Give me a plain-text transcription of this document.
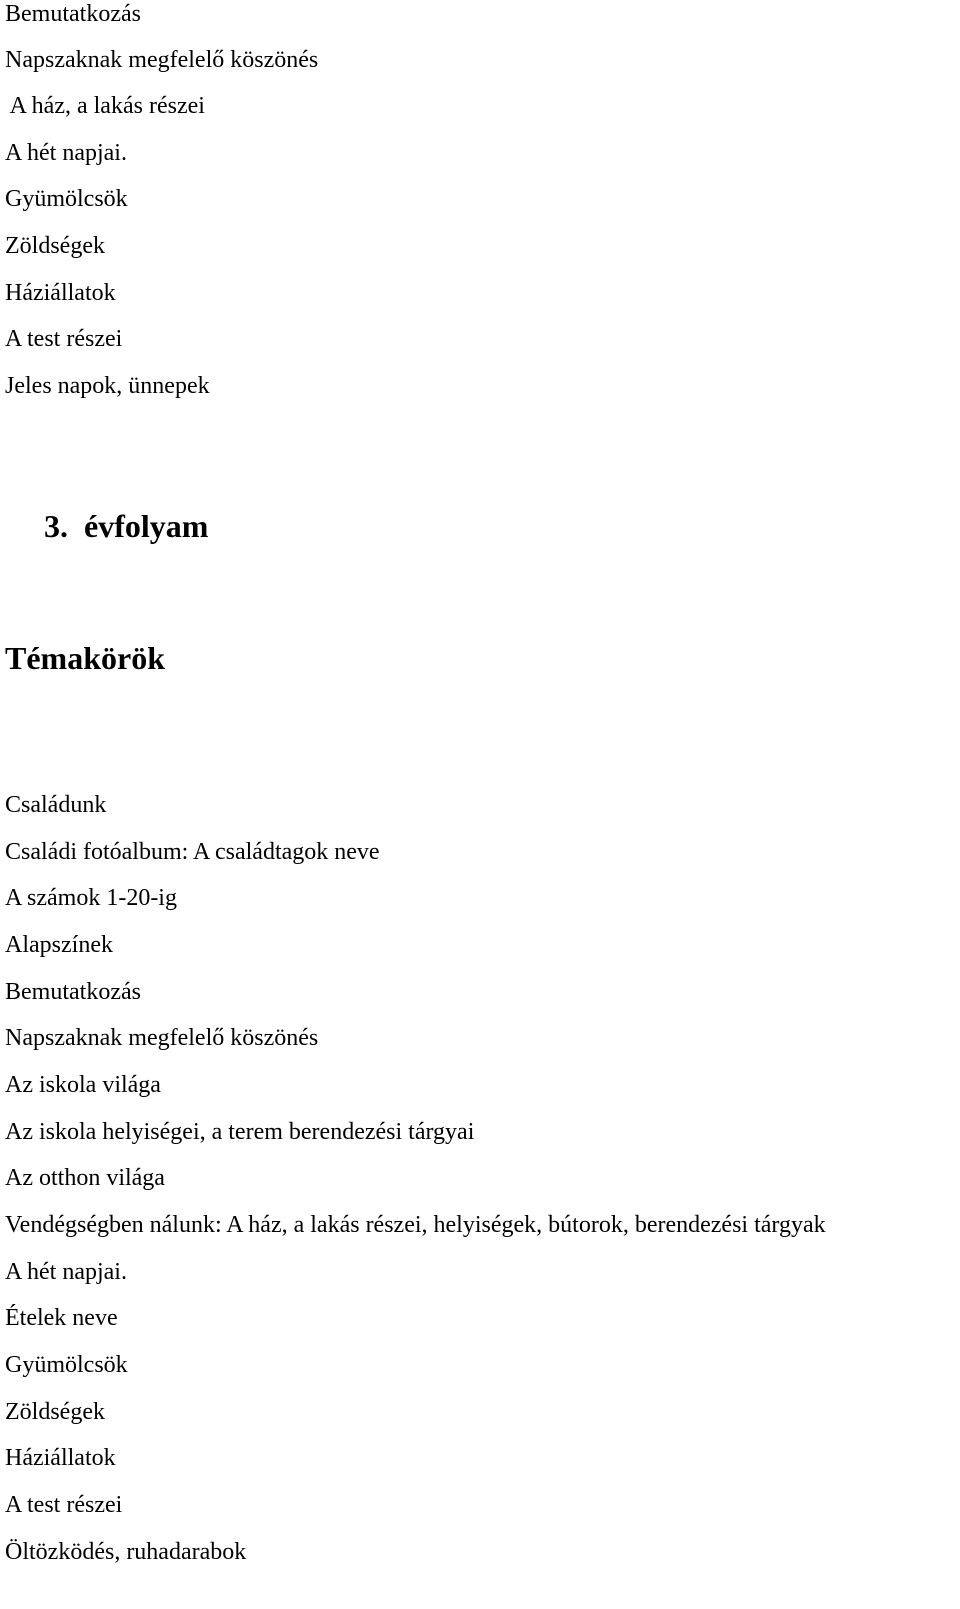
Bemutatkozás

Napszaknak megfelelő köszönés

A ház, a lakás részei

A hét napjai.

Gyümölcsök

Zöldségek

Háziállatok

A test részei

Jeles napok, ünnepek

3. évfolyam
Témakörök

Családunk

Családi fotóalbum: A családtagok neve

A számok 1-20-ig

Alapszínek

Bemutatkozás

Napszaknak megfelelő köszönés

Az iskola világa

Az iskola helyiségei, a terem berendezési tárgyai

Az otthon világa

Vendégségben nálunk: A ház, a lakás részei, helyiségek, bútorok, berendezési tárgyak

A hét napjai.

Ételek neve

Gyümölcsök

Zöldségek

Háziállatok

A test részei

Öltözködés, ruhadarabok
